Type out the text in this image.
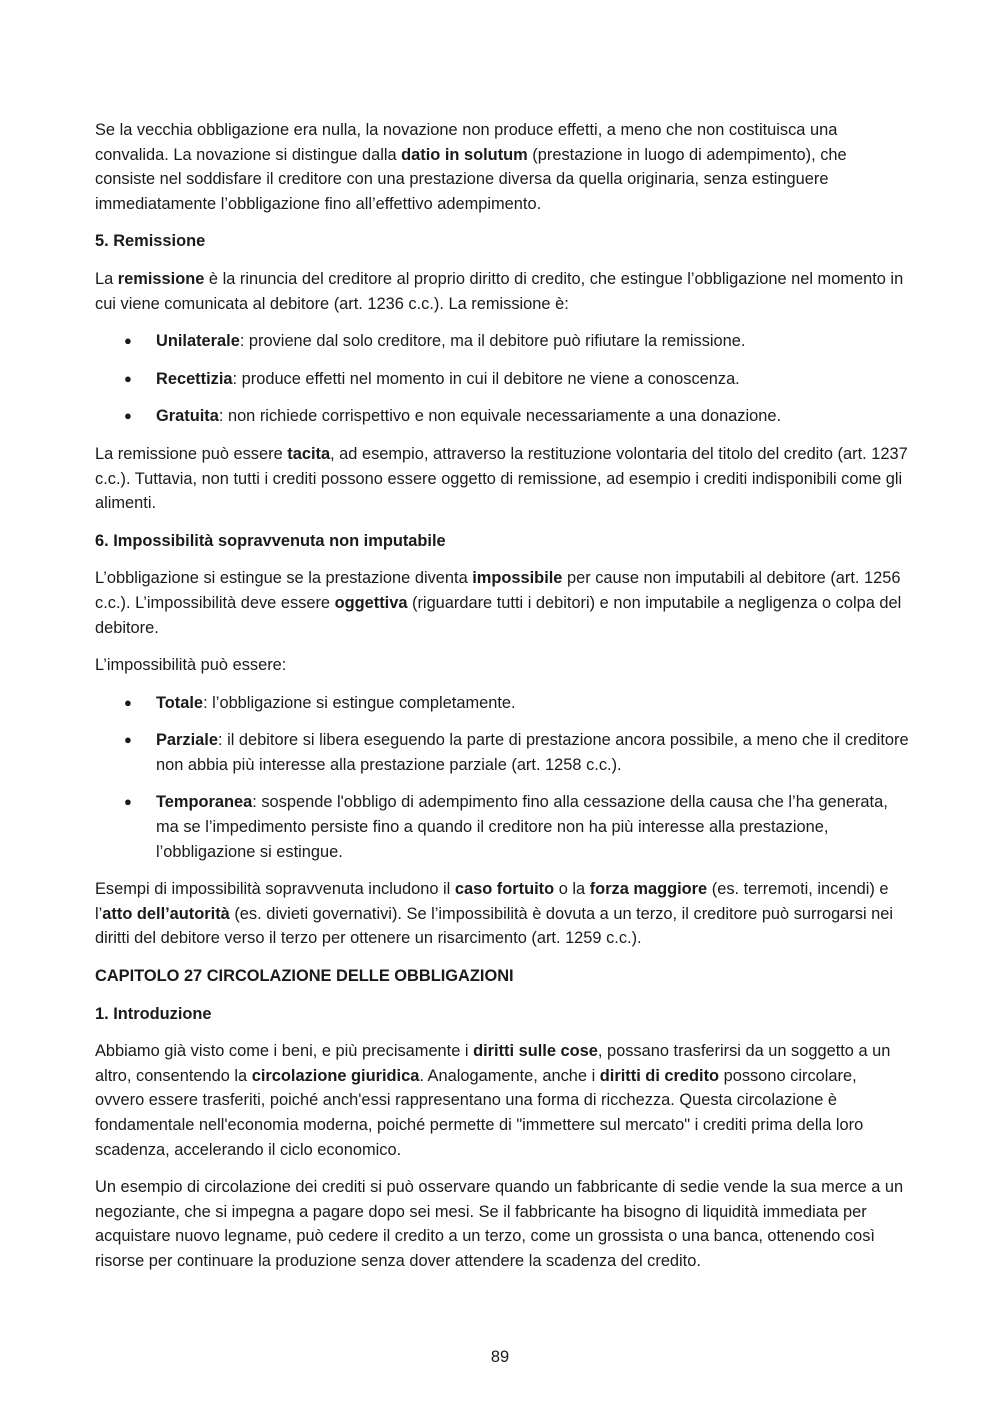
Se la vecchia obbligazione era nulla, la novazione non produce effetti, a meno che non costituisca una convalida. La novazione si distingue dalla datio in solutum (prestazione in luogo di adempimento), che consiste nel soddisfare il creditore con una prestazione diversa da quella originaria, senza estinguere immediatamente l’obbligazione fino all’effettivo adempimento.

5. Remissione

La remissione è la rinuncia del creditore al proprio diritto di credito, che estingue l’obbligazione nel momento in cui viene comunicata al debitore (art. 1236 c.c.). La remissione è:

● Unilaterale: proviene dal solo creditore, ma il debitore può rifiutare la remissione.
● Recettizia: produce effetti nel momento in cui il debitore ne viene a conoscenza.
● Gratuita: non richiede corrispettivo e non equivale necessariamente a una donazione.

La remissione può essere tacita, ad esempio, attraverso la restituzione volontaria del titolo del credito (art. 1237 c.c.). Tuttavia, non tutti i crediti possono essere oggetto di remissione, ad esempio i crediti indisponibili come gli alimenti.

6. Impossibilità sopravvenuta non imputabile

L’obbligazione si estingue se la prestazione diventa impossibile per cause non imputabili al debitore (art. 1256 c.c.). L’impossibilità deve essere oggettiva (riguardare tutti i debitori) e non imputabile a negligenza o colpa del debitore.

L’impossibilità può essere:

● Totale: l’obbligazione si estingue completamente.
● Parziale: il debitore si libera eseguendo la parte di prestazione ancora possibile, a meno che il creditore non abbia più interesse alla prestazione parziale (art. 1258 c.c.).
● Temporanea: sospende l'obbligo di adempimento fino alla cessazione della causa che l’ha generata, ma se l’impedimento persiste fino a quando il creditore non ha più interesse alla prestazione, l’obbligazione si estingue.

Esempi di impossibilità sopravvenuta includono il caso fortuito o la forza maggiore (es. terremoti, incendi) e l’atto dell’autorità (es. divieti governativi). Se l’impossibilità è dovuta a un terzo, il creditore può surrogarsi nei diritti del debitore verso il terzo per ottenere un risarcimento (art. 1259 c.c.).

CAPITOLO 27 CIRCOLAZIONE DELLE OBBLIGAZIONI

1. Introduzione

Abbiamo già visto come i beni, e più precisamente i diritti sulle cose, possano trasferirsi da un soggetto a un altro, consentendo la circolazione giuridica. Analogamente, anche i diritti di credito possono circolare, ovvero essere trasferiti, poiché anch'essi rappresentano una forma di ricchezza. Questa circolazione è fondamentale nell'economia moderna, poiché permette di "immettere sul mercato" i crediti prima della loro scadenza, accelerando il ciclo economico.

Un esempio di circolazione dei crediti si può osservare quando un fabbricante di sedie vende la sua merce a un negoziante, che si impegna a pagare dopo sei mesi. Se il fabbricante ha bisogno di liquidità immediata per acquistare nuovo legname, può cedere il credito a un terzo, come un grossista o una banca, ottenendo così risorse per continuare la produzione senza dover attendere la scadenza del credito.

89
